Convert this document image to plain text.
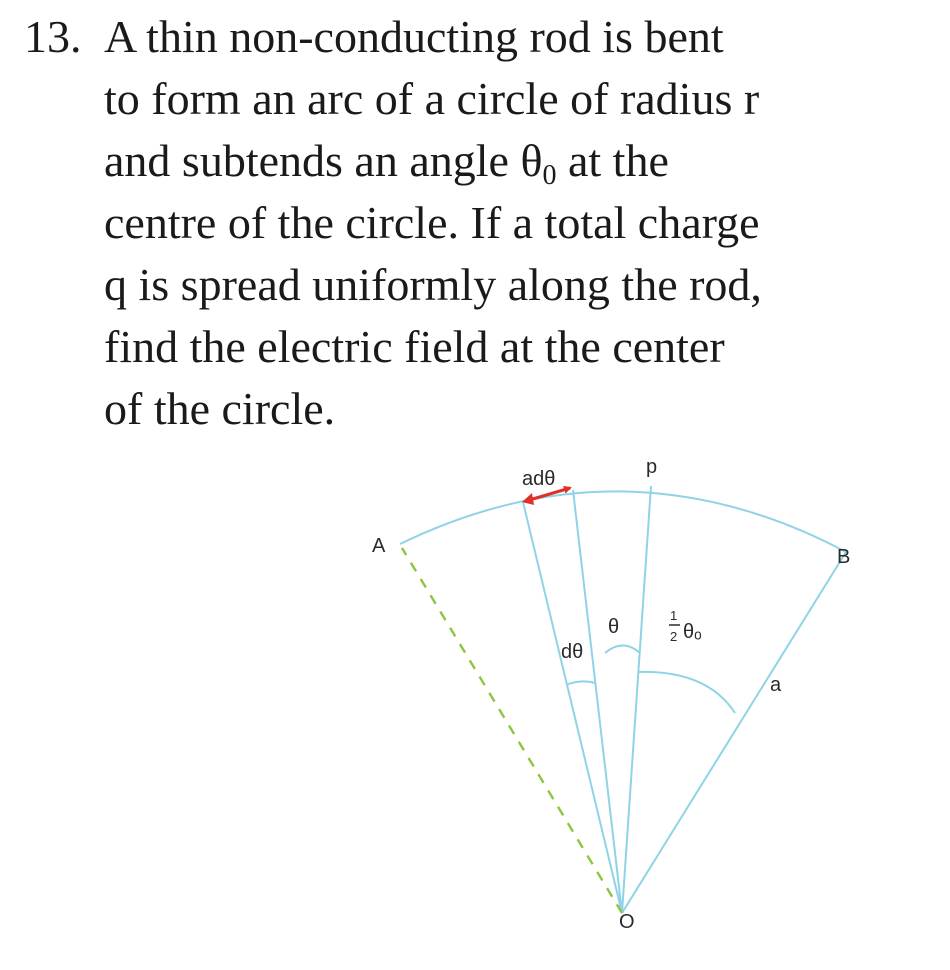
13. A thin non-conducting rod is bent
to form an arc of a circle of radius r
and subtends an angle $\theta_0$ at the
centre of the circle. If a total charge
q is spread uniformly along the rod,
find the electric field at the center
of the circle.
adθ
p
A	B
O
θ
dθ
1
2 θₒ
a
